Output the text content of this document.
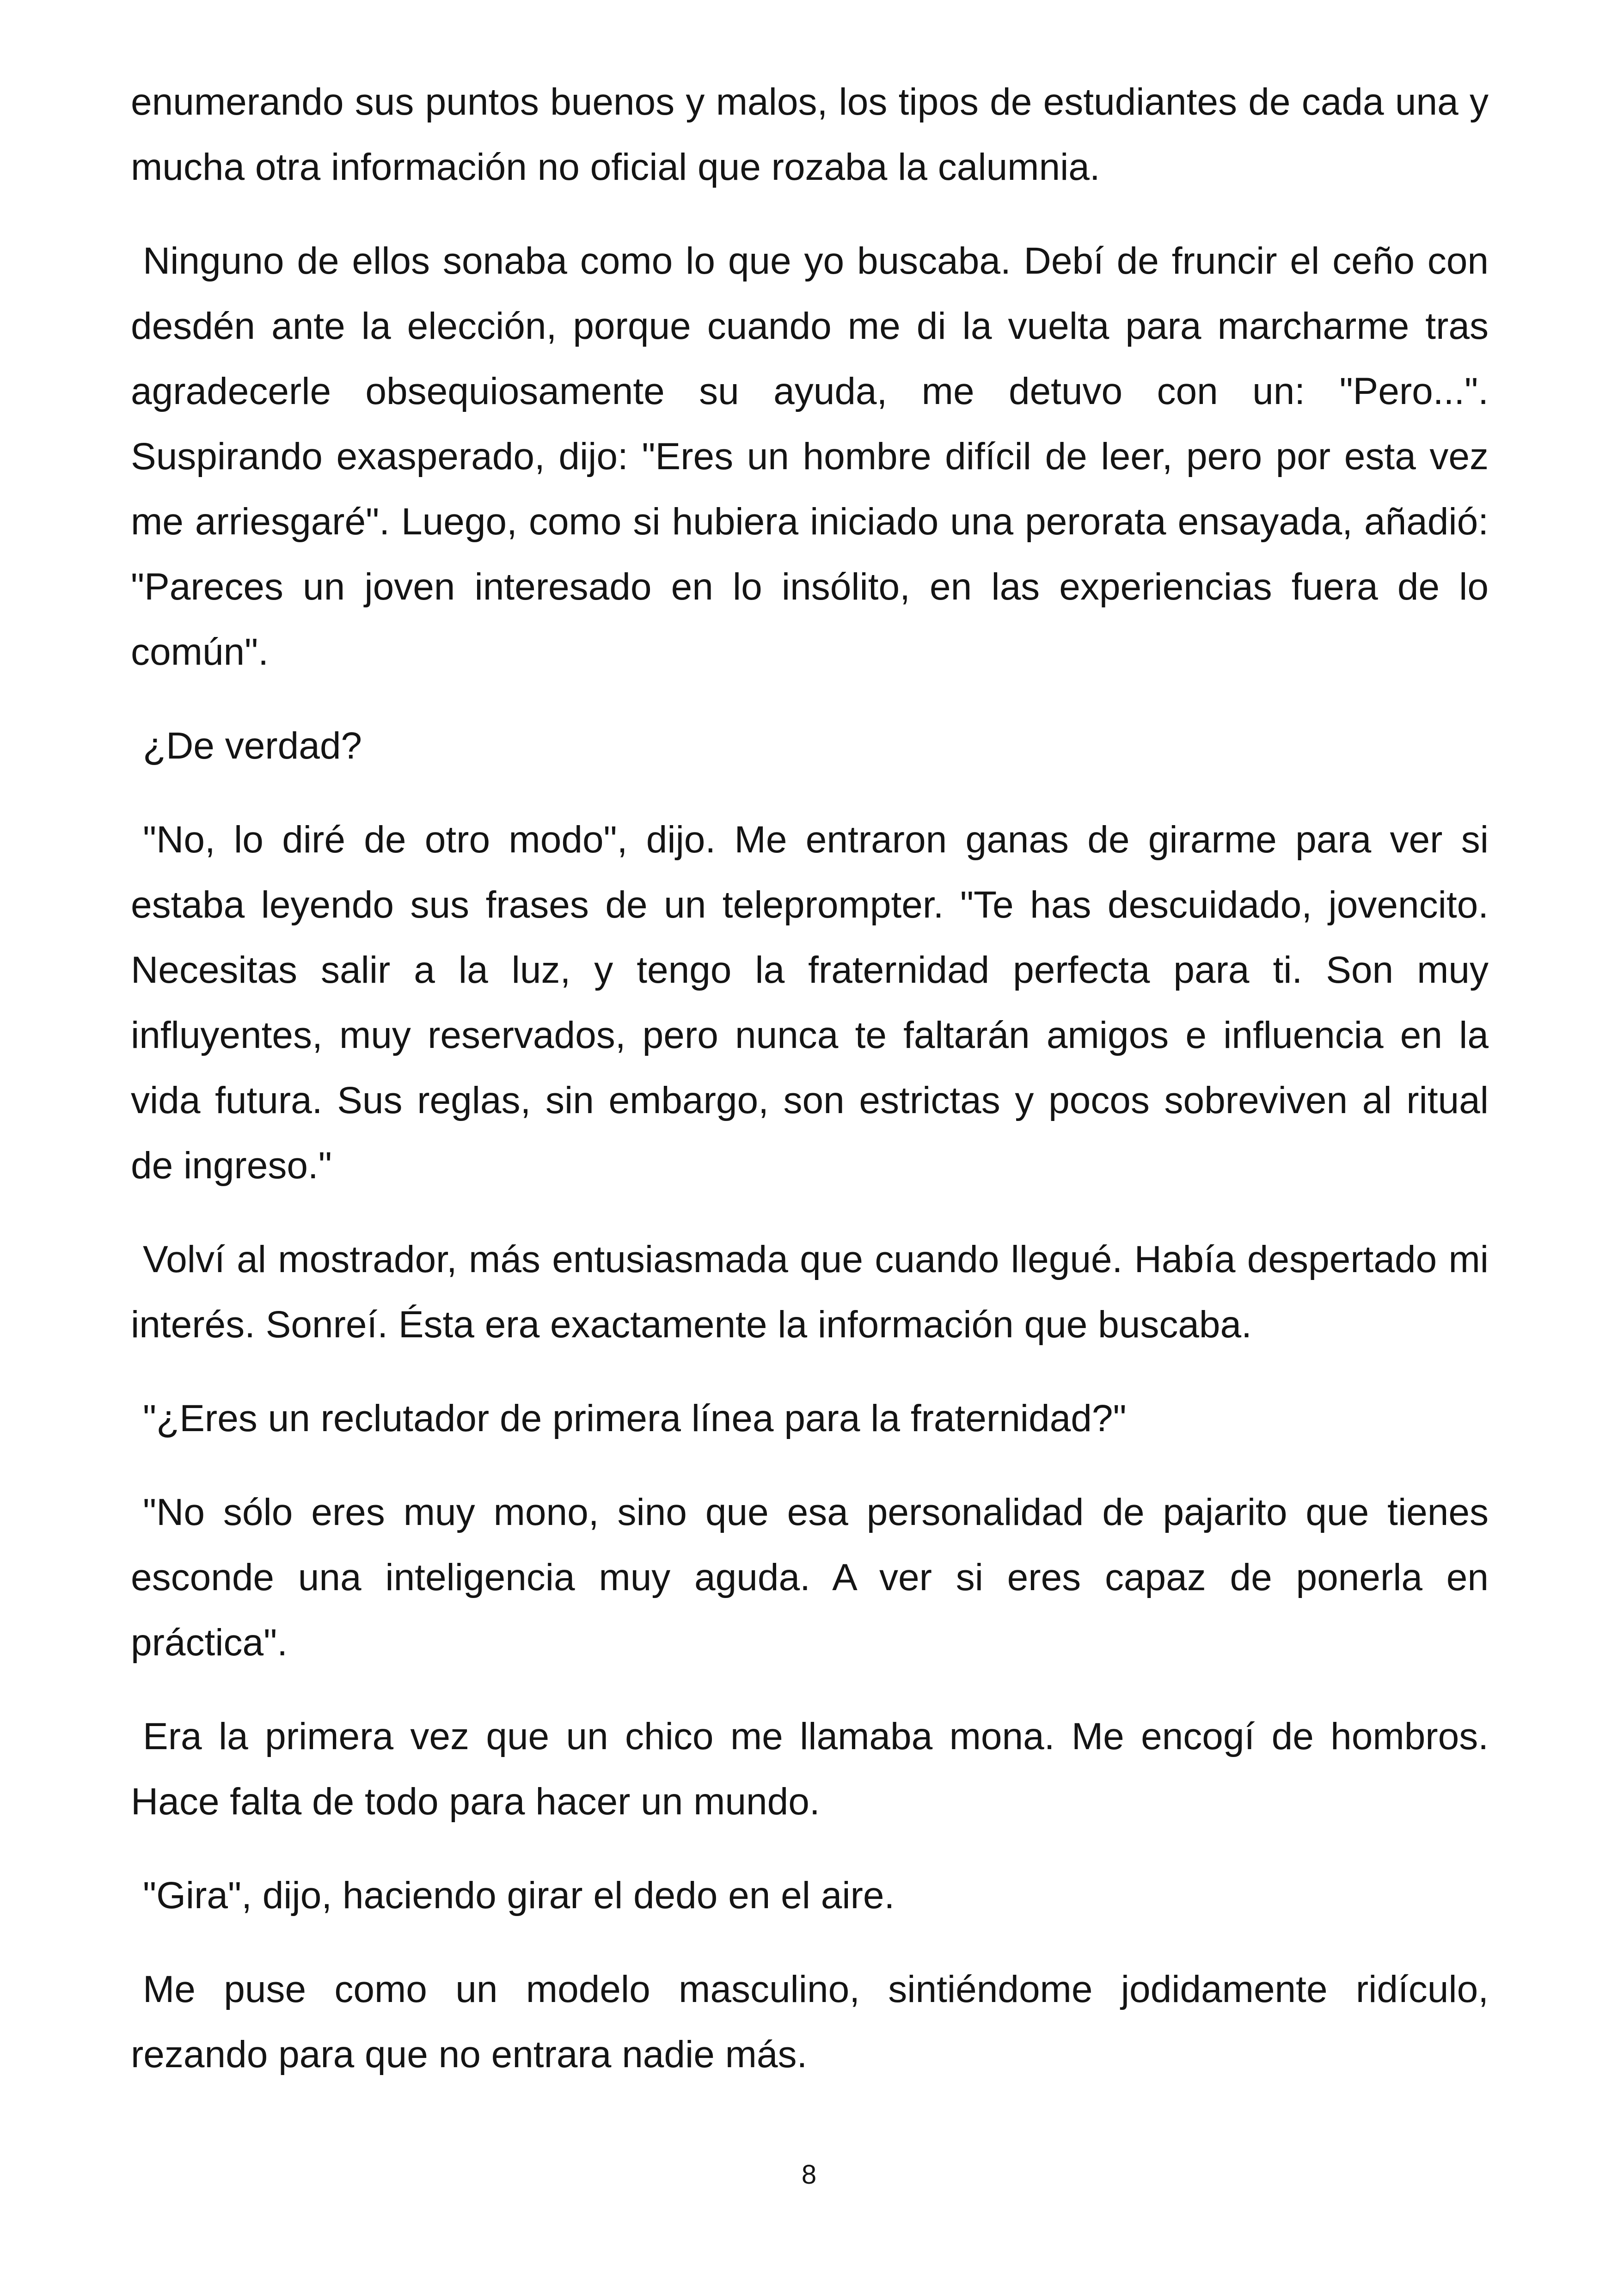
enumerando sus puntos buenos y malos, los tipos de estudiantes de cada una y mucha otra información no oficial que rozaba la calumnia.

Ninguno de ellos sonaba como lo que yo buscaba. Debí de fruncir el ceño con desdén ante la elección, porque cuando me di la vuelta para marcharme tras agradecerle obsequiosamente su ayuda, me detuvo con un: "Pero...". Suspirando exasperado, dijo: "Eres un hombre difícil de leer, pero por esta vez me arriesgaré". Luego, como si hubiera iniciado una perorata ensayada, añadió: "Pareces un joven interesado en lo insólito, en las experiencias fuera de lo común".

¿De verdad?

"No, lo diré de otro modo", dijo. Me entraron ganas de girarme para ver si estaba leyendo sus frases de un teleprompter. "Te has descuidado, jovencito. Necesitas salir a la luz, y tengo la fraternidad perfecta para ti. Son muy influyentes, muy reservados, pero nunca te faltarán amigos e influencia en la vida futura. Sus reglas, sin embargo, son estrictas y pocos sobreviven al ritual de ingreso."

Volví al mostrador, más entusiasmada que cuando llegué. Había despertado mi interés. Sonreí. Ésta era exactamente la información que buscaba.

"¿Eres un reclutador de primera línea para la fraternidad?"

"No sólo eres muy mono, sino que esa personalidad de pajarito que tienes esconde una inteligencia muy aguda. A ver si eres capaz de ponerla en práctica".

Era la primera vez que un chico me llamaba mona. Me encogí de hombros. Hace falta de todo para hacer un mundo.

"Gira", dijo, haciendo girar el dedo en el aire.

Me puse como un modelo masculino, sintiéndome jodidamente ridículo, rezando para que no entrara nadie más.

8
